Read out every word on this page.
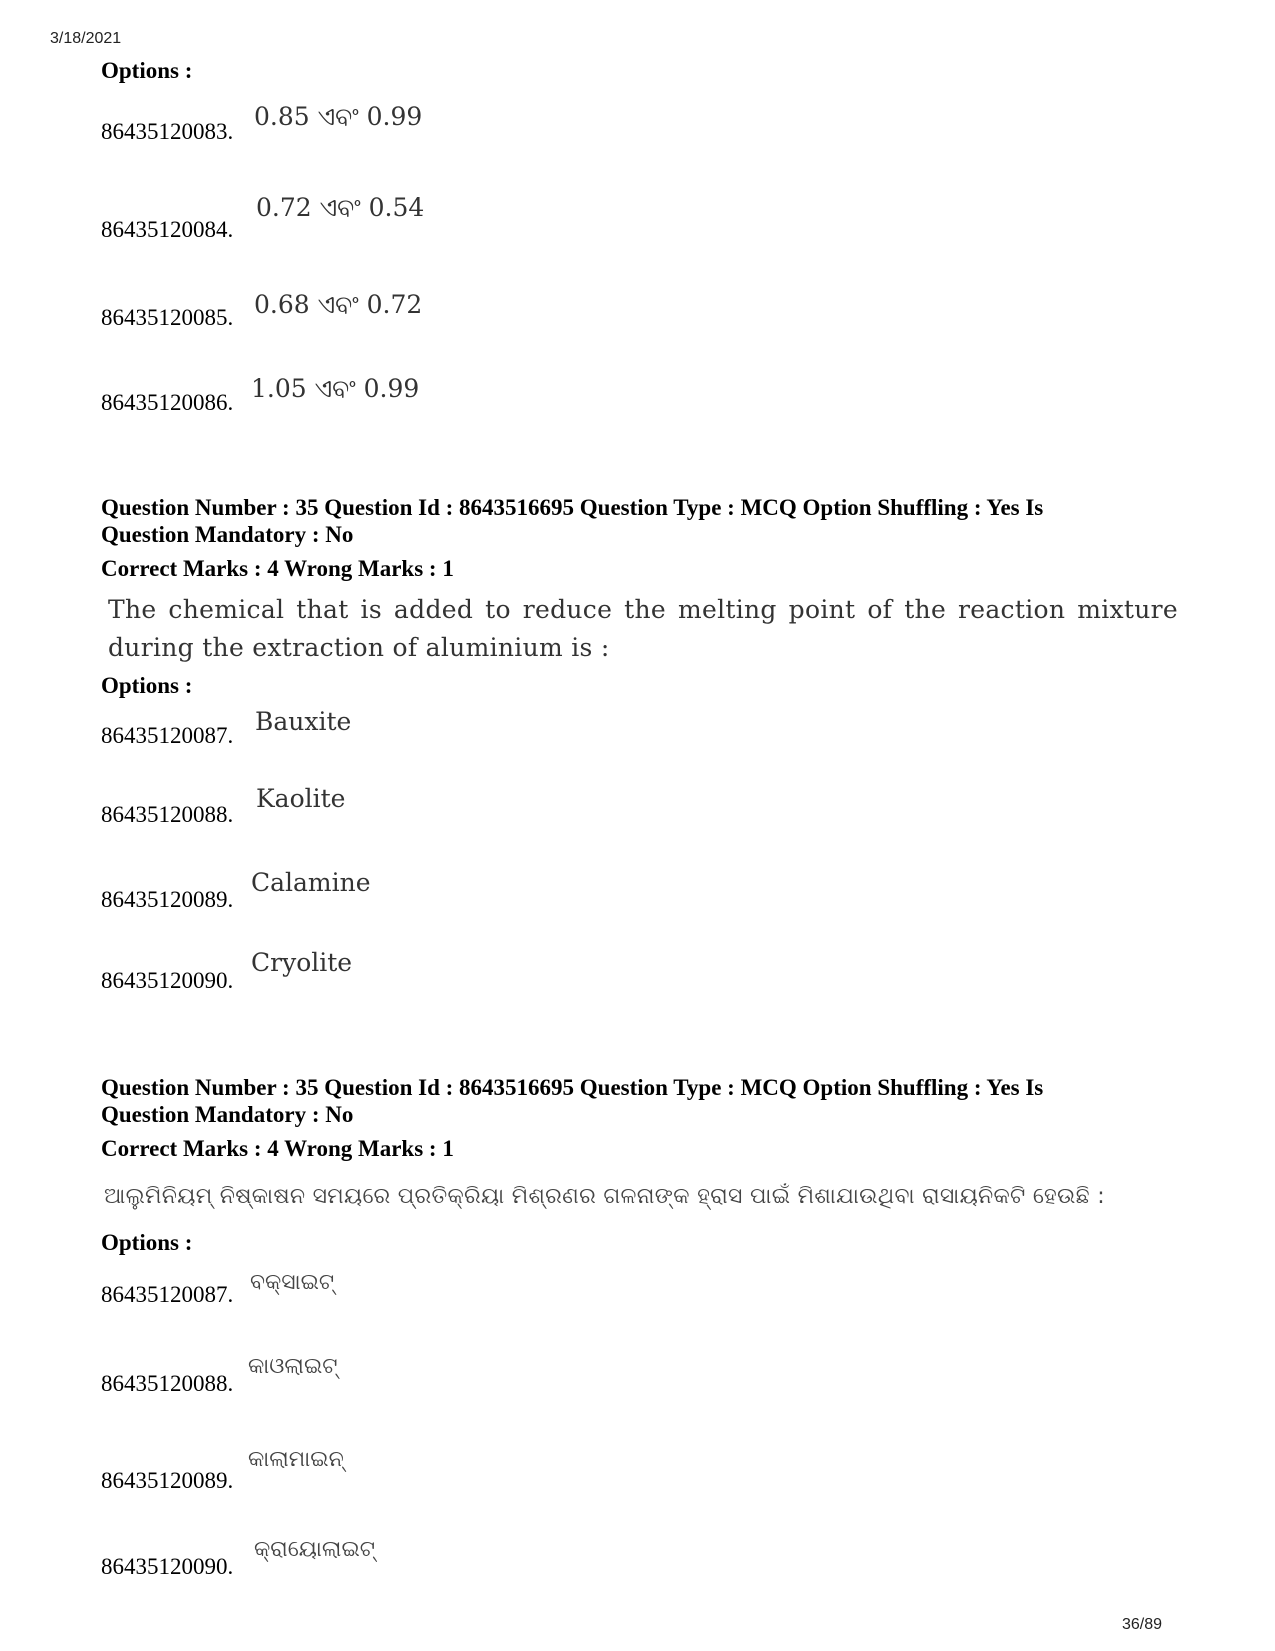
3/18/2021
36/89
Options :
86435120083.
0.85 ଏବଂ 0.99
86435120084.
0.72 ଏବଂ 0.54
86435120085. 0.68 ଏବଂ 0.72
86435120086. 1.05 ଏବଂ 0.99
Question Number : 35 Question Id : 8643516695 Question Type : MCQ Option Shuffling : Yes Is
Question Mandatory : No
Correct Marks : 4 Wrong Marks : 1
The chemical that is added to reduce the melting point of the reaction mixture during the extraction of aluminium is :
Options :
86435120087. Bauxite
86435120088.
Kaolite
86435120089.
Calamine
86435120090.
Cryolite
Question Number : 35 Question Id : 8643516695 Question Type : MCQ Option Shuffling : Yes Is
Question Mandatory : No
Correct Marks : 4 Wrong Marks : 1
ଆଲୁମିନିୟମ୍ ନିଷ୍କାଷନ ସମୟରେ ପ୍ରତିକ୍ରିୟା ମିଶ୍ରଣର ଗଳନାଙ୍କ ହ୍ରାସ ପାଇଁ ମିଶାଯାଉଥିବା ରାସାୟନିକଟି ହେଉଛି :
Options :
86435120087. ବକ୍ସାଇଟ୍
86435120088.
କାଓଲାଇଟ୍
86435120089.
କାଲାମାଇନ୍
86435120090.
କ୍ରାୟୋଲାଇଟ୍
